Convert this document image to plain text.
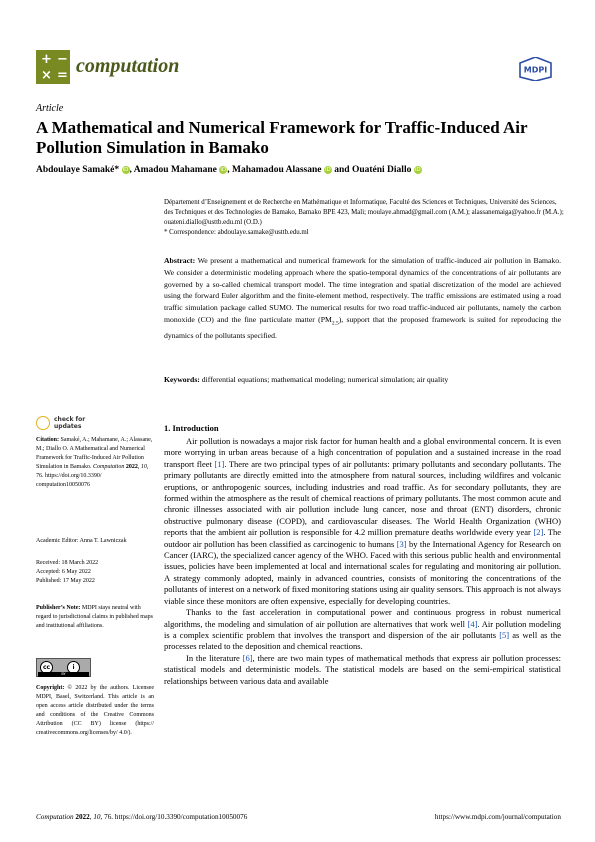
+ −
× = computation	MDPI
Article
A Mathematical and Numerical Framework for Traffic-Induced Air Pollution Simulation in Bamako
Abdoulaye Samaké* iD, Amadou Mahamane iD, Mahamadou Alassane iD and Ouaténi Diallo iD
Département d’Enseignement et de Recherche en Mathématique et Informatique, Faculté des Sciences et Techniques, Université des Sciences, des Techniques et des Technologies de Bamako, Bamako BPE 423, Mali; moulaye.ahmad@gmail.com (A.M.); alassanemaiga@yahoo.fr (M.A.); ouateni.diallo@usttb.edu.ml (O.D.)
* Correspondence: abdoulaye.samake@usttb.edu.ml
Abstract: We present a mathematical and numerical framework for the simulation of traffic-induced air pollution in Bamako. We consider a deterministic modeling approach where the spatio-temporal dynamics of the concentrations of air pollutants are governed by a so-called chemical transport model. The time integration and spatial discretization of the model are achieved using the forward Euler algorithm and the finite-element method, respectively. The traffic emissions are estimated using a road traffic simulation package called SUMO. The numerical results for two road traffic-induced air pollutants, namely the carbon monoxide (CO) and the fine particulate matter $(PM_{2.5})$, support that the proposed framework is suited for reproducing the dynamics of the pollutants specified.
Keywords: differential equations; mathematical modeling; numerical simulation; air quality
check for
updates
Citation: Samaké, A.; Mahamane, A.; Alassane, M.; Diallo O. A Mathematical and Numerical Framework for Traffic-Induced Air Pollution Simulation in Bamako. Computation 2022, 10, 76. https://doi.org/10.3390/ computation10050076
Academic Editor: Anna T. Lawniczak
Received: 18 March 2022
Accepted: 6 May 2022
Published: 17 May 2022
Publisher’s Note: MDPI stays neutral with regard to jurisdictional claims in published maps and institutional affiliations.
cc	i
BY
Copyright: © 2022 by the authors. Licensee MDPI, Basel, Switzerland. This article is an open access article distributed under the terms and conditions of the Creative Commons Attribution (CC BY) license (https:// creativecommons.org/licenses/by/ 4.0/).
1. Introduction

Air pollution is nowadays a major risk factor for human health and a global environmental concern. It is even more worrying in urban areas because of a high concentration of population and a sustained increase in the road transport fleet [1]. There are two principal types of air pollutants: primary pollutants and secondary pollutants. The primary pollutants are directly emitted into the atmosphere from natural sources, including wildfires and volcanic eruptions, or anthropogenic sources, including industries and road traffic. As for secondary pollutants, they are formed within the atmosphere as the result of chemical reactions of primary pollutants. The most common acute and chronic illnesses associated with air pollution include lung cancer, nose and throat (ENT) disorders, chronic obstructive pulmonary disease (COPD), and cardiovascular diseases. The World Health Organization (WHO) reports that the ambient air pollution is responsible for 4.2 million premature deaths worldwide every year [2]. The outdoor air pollution has been classified as carcinogenic to humans [3] by the International Agency for Research on Cancer (IARC), the specialized cancer agency of the WHO. Faced with this serious public health and environmental issues, policies have been implemented at local and international scales for regulating and monitoring air pollution. A strategy commonly adopted, mainly in advanced countries, consists of monitoring the concentrations of the pollutants of interest on a network of fixed monitoring stations using air quality sensors. This approach is not always viable since these monitors are often expensive, especially for developing countries.

Thanks to the fast acceleration in computational power and continuous progress in robust numerical algorithms, the modeling and simulation of air pollution are alternatives that work well [4]. Air pollution modeling is a complex scientific problem that involves the transport and dispersion of the air pollutants [5] as well as the processes related to the deposition and chemical reactions.

In the literature [6], there are two main types of mathematical methods that express air pollution processes: statistical models and deterministic models. The statistical models are based on the semi-empirical statistical relationships between various data and available

Computation 2022, 10, 76. https://doi.org/10.3390/computation10050076	https://www.mdpi.com/journal/computation
